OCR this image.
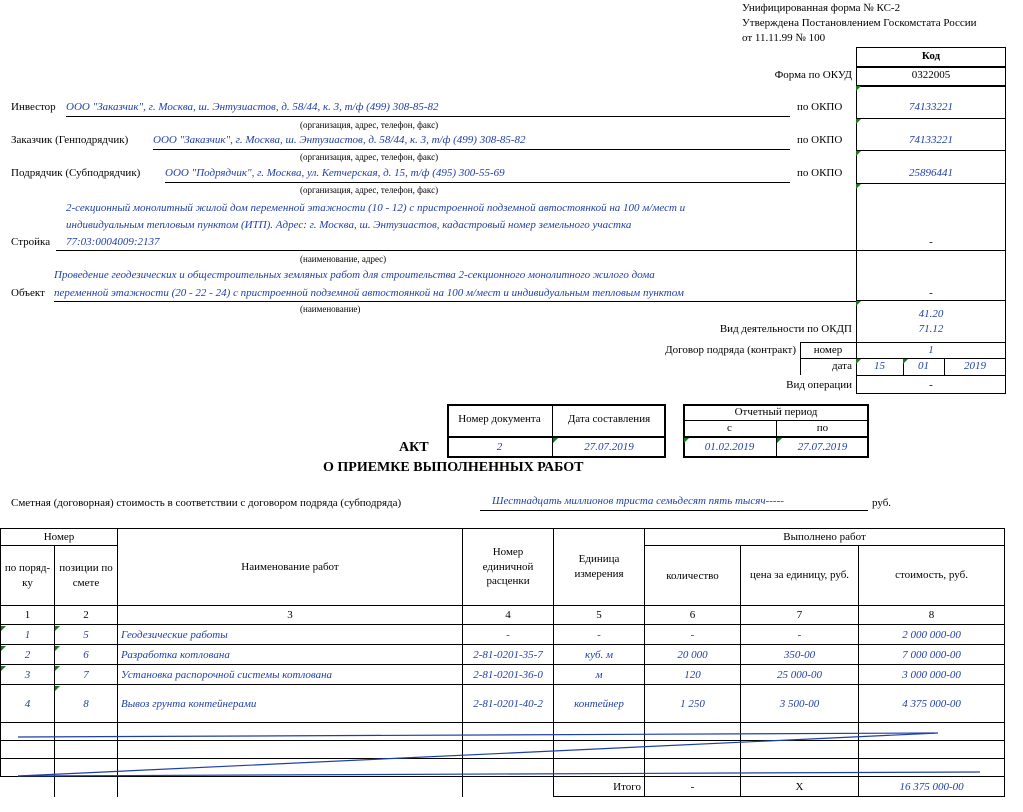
Унифицированная форма № КС-2
Утверждена Постановлением Госкомстата России
от 11.11.99 № 100
Код
Форма по ОКУД	0322005
Инвестор ООО "Заказчик", г. Москва, ш. Энтузиастов, д. 58/44, к. 3, т/ф (499) 308-85-82
(организация, адрес, телефон, факс)
по ОКПО	74133221
Заказчик (Генподрядчик) ООО "Заказчик", г. Москва, ш. Энтузиастов, д. 58/44, к. 3, т/ф (499) 308-85-82
(организация, адрес, телефон, факс)
по ОКПО	74133221
Подрядчик (Субподрядчик) ООО "Подрядчик", г. Москва, ул. Кетчерская, д. 15, т/ф (495) 300-55-69
(организация, адрес, телефон, факс)
по ОКПО	25896441
2-секционный монолитный жилой дом переменной этажности (10 - 12) с пристроенной подземной автостоянкой на 100 м/мест и
индивидуальным тепловым пунктом (ИТП). Адрес: г. Москва, ш. Энтузиастов, кадастровый номер земельного участка
Стройка 77:03:0004009:2137
(наименование, адрес)
-
Проведение геодезических и общестроительных земляных работ для строительства 2-секционного монолитного жилого дома
Объект переменной этажности (20 - 22 - 24) с пристроенной подземной автостоянкой на 100 м/мест и индивидуальным тепловым пунктом
(наименование)
-
41.20
Вид деятельности по ОКДП	71.12
Договор подряда (контракт)	номер	1
дата	15	01	2019
Вид операции	-
Номер документа	Дата составления
2	27.07.2019
Отчетный период
с	по
01.02.2019	27.07.2019
АКТ
О ПРИЕМКЕ ВЫПОЛНЕННЫХ РАБОТ
Сметная (договорная) стоимость в соответствии с договором подряда (субподряда)	Шестнадцать миллионов триста семьдесят пять тысяч-----	руб.
Номер		Наименование работ	Номер единичной расценки	Единица измерения	Выполнено работ		
по поряд-ку	позиции по смете				количество	цена за единицу, руб.	стоимость, руб.
1	2	3	4	5	6	7	8
1	5	Геодезические работы	-	-	-	-	2 000 000-00
2	6	Разработка котлована	2-81-0201-35-7	куб. м	20 000	350-00	7 000 000-00
3	7	Установка распорочной системы котлована	2-81-0201-36-0	м	120	25 000-00	3 000 000-00
4	8	Вывоз грунта контейнерами	2-81-0201-40-2	контейнер	1 250	3 500-00	4 375 000-00

				Итого	-	Х	16 375 000-00
